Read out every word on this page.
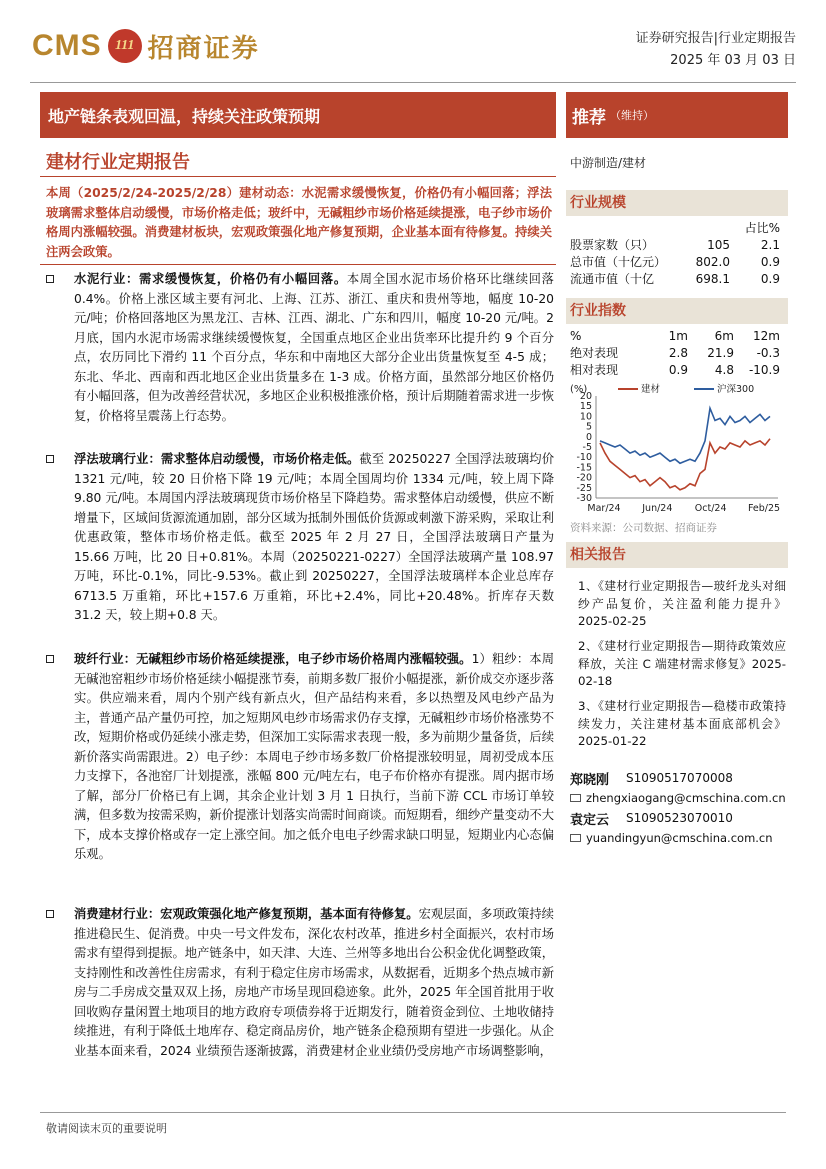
CMS 111 招商证券	证券研究报告|行业定期报告
2025 年 03 月 03 日
地产链条表观回温，持续关注政策预期	推荐 （维持）
建材行业定期报告	中游制造/建材
本周（2025/2/24-2025/2/28）建材动态：水泥需求缓慢恢复，价格仍有小幅回落；浮法玻璃需求整体启动缓慢，市场价格走低；玻纤中，无碱粗纱市场价格延续提涨，电子纱市场价格周内涨幅较强。消费建材板块，宏观政策强化地产修复预期，企业基本面有待修复。持续关注两会政策。
水泥行业：需求缓慢恢复，价格仍有小幅回落。本周全国水泥市场价格环比继续回落 0.4%。价格上涨区域主要有河北、上海、江苏、浙江、重庆和贵州等地，幅度 10-20 元/吨；价格回落地区为黑龙江、吉林、江西、湖北、广东和四川，幅度 10-20 元/吨。2 月底，国内水泥市场需求继续缓慢恢复，全国重点地区企业出货率环比提升约 9 个百分点，农历同比下滑约 11 个百分点，华东和中南地区大部分企业出货量恢复至 4-5 成；东北、华北、西南和西北地区企业出货量多在 1-3 成。价格方面，虽然部分地区价格仍有小幅回落，但为改善经营状况，多地区企业积极推涨价格，预计后期随着需求进一步恢复，价格将呈震荡上行态势。
浮法玻璃行业：需求整体启动缓慢，市场价格走低。截至 20250227 全国浮法玻璃均价 1321 元/吨，较 20 日价格下降 19 元/吨；本周全国周均价 1334 元/吨，较上周下降 9.80 元/吨。本周国内浮法玻璃现货市场价格呈下降趋势。需求整体启动缓慢，供应不断增量下，区域间货源流通加剧，部分区域为抵制外围低价货源或刺激下游采购，采取让利优惠政策，整体市场价格走低。截至 2025 年 2 月 27 日，全国浮法玻璃日产量为 15.66 万吨，比 20 日+0.81%。本周（20250221-0227）全国浮法玻璃产量 108.97 万吨，环比-0.1%，同比-9.53%。截止到 20250227，全国浮法玻璃样本企业总库存 6713.5 万重箱，环比+157.6 万重箱，环比+2.4%，同比+20.48%。折库存天数 31.2 天，较上期+0.8 天。
玻纤行业：无碱粗纱市场价格延续提涨，电子纱市场价格周内涨幅较强。1）粗纱：本周无碱池窑粗纱市场价格延续小幅提涨节奏，前期多数厂报价小幅提涨，新价成交亦逐步落实。供应端来看，周内个别产线有新点火，但产品结构来看，多以热塑及风电纱产品为主，普通产品产量仍可控，加之短期风电纱市场需求仍存支撑，无碱粗纱市场价格涨势不改，短期价格或仍延续小涨走势，但深加工实际需求表现一般，多为前期少量备货，后续新价落实尚需跟进。2）电子纱：本周电子纱市场多数厂价格提涨较明显，周初受成本压力支撑下，各池窑厂计划提涨，涨幅 800 元/吨左右，电子布价格亦有提涨。周内据市场了解，部分厂价格已有上调，其余企业计划 3 月 1 日执行，当前下游 CCL 市场订单较满，但多数为按需采购，新价提涨计划落实尚需时间商谈。而短期看，细纱产量变动不大下，成本支撑价格或存一定上涨空间。加之低介电电子纱需求缺口明显，短期业内心态偏乐观。
消费建材行业：宏观政策强化地产修复预期，基本面有待修复。宏观层面，多项政策持续推进稳民生、促消费。中央一号文件发布，深化农村改革，推进乡村全面振兴，农村市场需求有望得到提振。地产链条中，如天津、大连、兰州等多地出台公积金优化调整政策，支持刚性和改善性住房需求，有利于稳定住房市场需求，从数据看，近期多个热点城市新房与二手房成交量双双上扬，房地产市场呈现回稳迹象。此外，2025 年全国首批用于收回收购存量闲置土地项目的地方政府专项债券将于近期发行，随着资金到位、土地收储持续推进，有利于降低土地库存、稳定商品房价，地产链条企稳预期有望进一步强化。从企业基本面来看，2024 业绩预告逐渐披露，消费建材企业业绩仍受房地产市场调整影响，
行业规模
占比%
股票家数（只）	105	2.1
总市值（十亿元）	802.0	0.9
流通市值（十亿	698.1	0.9
行业指数
%	1m	6m	12m
绝对表现	2.8	21.9	-0.3
相对表现	0.9	4.8	-10.9
(%)
20
15
10
5
0
-5
-10
-15
-20
-25
-30
Mar/24 Jun/24 Oct/24 Feb/25
建材	沪深300
资料来源：公司数据、招商证券
相关报告
1、《建材行业定期报告—玻纤龙头对细纱产品复价，关注盈利能力提升》2025-02-25
2、《建材行业定期报告—期待政策效应释放，关注 C 端建材需求修复》2025-02-18
3、《建材行业定期报告—稳楼市政策持续发力，关注建材基本面底部机会》2025-01-22
郑晓刚	S1090517070008
zhengxiaogang@cmschina.com.cn
袁定云	S1090523070010
yuandingyun@cmschina.com.cn
敬请阅读末页的重要说明
